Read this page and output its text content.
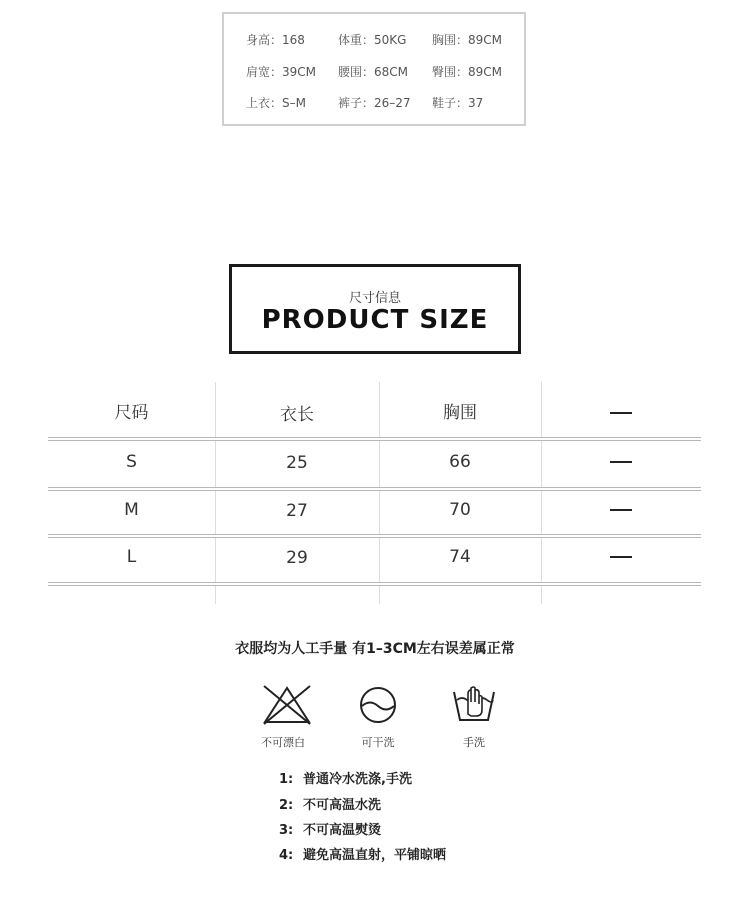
身高：168	体重：50KG 胸围：89CM
肩宽：39CM 腰围：68CM 臀围：89CM
上衣：S–M	裤子：26–27 鞋子：37
尺寸信息
PRODUCT SIZE
尺码	衣长	胸围
S	25	66
M	27	70
L	29	74
衣服均为人工手量 有1–3CM左右误差属正常
不可漂白	可干洗	手洗
1: 普通冷水洗涤,手洗
2: 不可高温水洗
3: 不可高温熨烫
4: 避免高温直射，平铺晾晒
